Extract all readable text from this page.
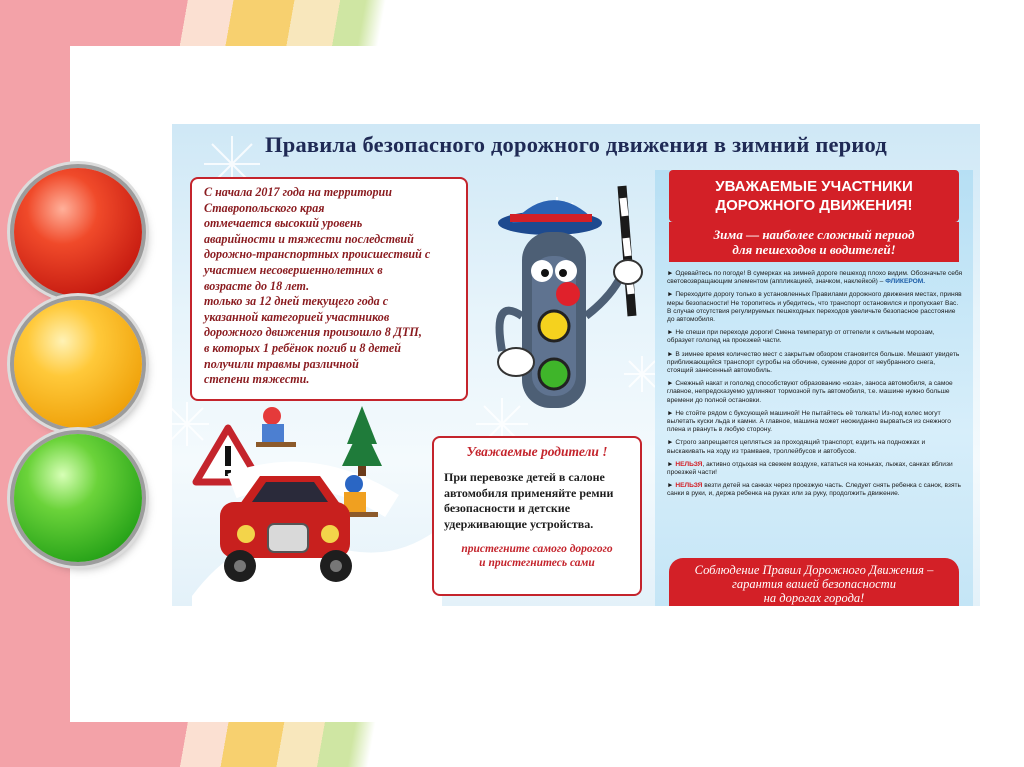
Правила безопасного дорожного движения в зимний период

С начала 2017 года на территории
Ставропольского края
отмечается высокий уровень
аварийности и тяжести последствий
дорожно-транспортных происшествий с
участием несовершеннолетних в
возрасте до 18 лет.
только за 12 дней текущего года с
указанной категорией участников
дорожного движения произошло 8 ДТП,
в которых 1 ребёнок погиб и 8 детей
получили травмы различной
степени тяжести.

Уважаемые родители !

При перевозке детей в салоне
автомобиля применяйте ремни
безопасности и детские
удерживающие устройства.

пристегните самого дорогого
и пристегнитесь сами

УВАЖАЕМЫЕ УЧАСТНИКИ
ДОРОЖНОГО ДВИЖЕНИЯ!
Зима — наиболее сложный период
для пешеходов и водителей!
► Одевайтесь по погоде! В сумерках на зимней дороге пешеход плохо видим. Обозначьте себя световозвращающим элементом (аппликацией, значком, наклейкой) – ФЛИКЕРОМ.
► Переходите дорогу только в установленных Правилами дорожного движения местах, приняв меры безопасности! Не торопитесь и убедитесь, что транспорт остановился и пропускает Вас. В случае отсутствия регулируемых пешеходных переходов увеличьте безопасное расстояние до автомобиля.
► Не спеши при переходе дороги! Смена температур от оттепели к сильным морозам, образует гололед на проезжей части.
► В зимнее время количество мест с закрытым обзором становится больше. Мешают увидеть приближающийся транспорт сугробы на обочине, сужение дорог от неубранного снега, стоящий занесенный автомобиль.
► Снежный накат и гололед способствуют образованию «юза», заноса автомобиля, а самое главное, непредсказуемо удлиняют тормозной путь автомобиля, т.е. машине нужно больше времени до полной остановки.
► Не стойте рядом с буксующей машиной! Не пытайтесь её толкать! Из-под колес могут вылетать куски льда и камни. А главное, машина может неожиданно вырваться из снежного плена и рвануть в любую сторону.
► Строго запрещается цепляться за проходящий транспорт, ездить на подножках и выскакивать на ходу из трамваев, троллейбусов и автобусов.
► НЕЛЬЗЯ, активно отдыхая на свежем воздухе, кататься на коньках, лыжах, санках вблизи проезжей части!
► НЕЛЬЗЯ везти детей на санках через проезжую часть. Следует снять ребенка с санок, взять санки в руки, и, держа ребенка на руках или за руку, продолжить движение.
Соблюдение Правил Дорожного Движения –
гарантия вашей безопасности
на дорогах города!
